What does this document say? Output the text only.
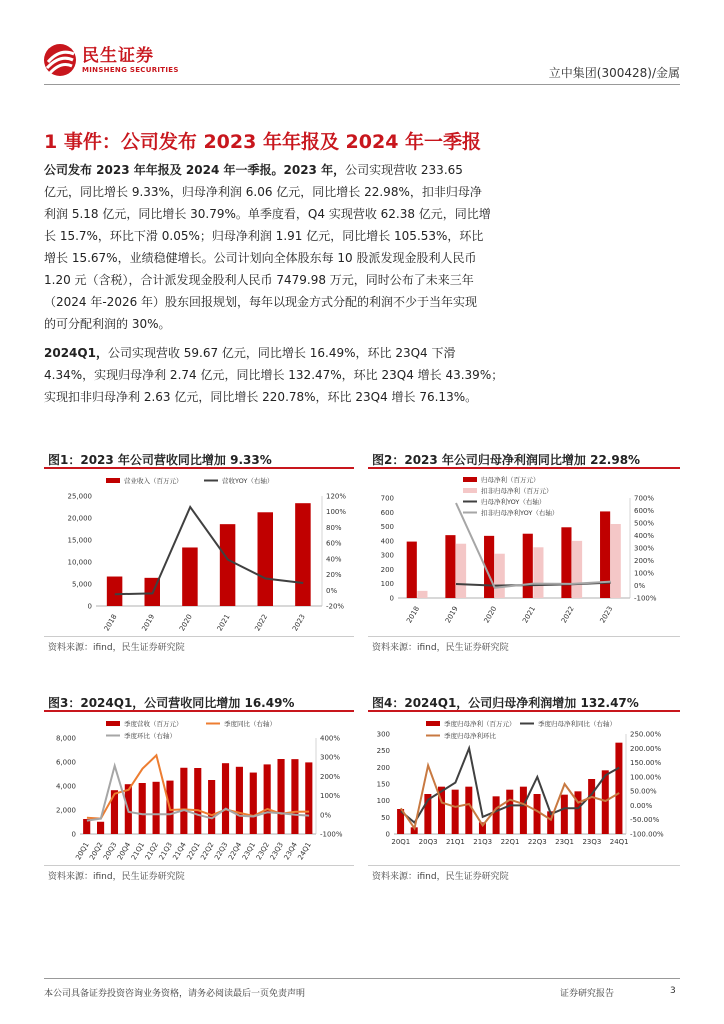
民生证券
MINSHENG SECURITIES	立中集团(300428)/金属
1 事件：公司发布 2023 年年报及 2024 年一季报
公司发布 2023 年年报及 2024 年一季报。2023 年，公司实现营收 233.65
亿元，同比增长 9.33%，归母净利润 6.06 亿元，同比增长 22.98%，扣非归母净
利润 5.18 亿元，同比增长 30.79%。单季度看，Q4 实现营收 62.38 亿元，同比增
长 15.7%，环比下滑 0.05%；归母净利润 1.91 亿元，同比增长 105.53%，环比
增长 15.67%，业绩稳健增长。公司计划向全体股东每 10 股派发现金股利人民币
1.20 元（含税），合计派发现金股利人民币 7479.98 万元，同时公布了未来三年
（2024 年-2026 年）股东回报规划，每年以现金方式分配的利润不少于当年实现
的可分配利润的 30%。
2024Q1，公司实现营收 59.67 亿元，同比增长 16.49%，环比 23Q4 下滑
4.34%，实现归母净利 2.74 亿元，同比增长 132.47%，环比 23Q4 增长 43.39%；
实现扣非归母净利 2.63 亿元，同比增长 220.78%，环比 23Q4 增长 76.13%。
图1：2023 年公司营收同比增加 9.33%	图2：2023 年公司归母净利润同比增加 22.98%
图3：2024Q1，公司营收同比增加 16.49%	图4：2024Q1，公司归母净利润增加 132.47%
0
5,000
10,000
15,000
20,000
25,000
-20%
0%
20%
40%
60%
80%
100%
120%
2018	2019	2020	2021	2022	2023
营业收入（百万元）	营收YOY（右轴）
0
100
200
300
400
500
600
700
-100%
0%
100%
200%
300%
400%
500%
600%
700%
2018	2019	2020	2021	2022	2023
归母净利（百万元）
扣非归母净利（百万元）
归母净利YOY（右轴）
扣非归母净利YOY（右轴）
0
2,000
4,000
6,000
8,000
-100%
0%
100%
200%
300%
400%
20Q1
20Q2
20Q3
20Q4
21Q1
21Q2
21Q3
21Q4
22Q1
22Q2
22Q3
22Q4
23Q1
23Q2
23Q3
23Q4
24Q1
季度营收（百万元）	季度同比（右轴）
季度环比（右轴）
0
50
100
150
200
250
300
-100.00%
-50.00%
0.00%
50.00%
100.00%
150.00%
200.00%
250.00%
20Q1 20Q3 21Q1 21Q3 22Q1 22Q3 23Q1 23Q3 24Q1
季度归母净利（百万元）	季度归母净利同比（右轴）
季度归母净利环比
资料来源：ifind，民生证券研究院	资料来源：ifind，民生证券研究院
资料来源：ifind，民生证券研究院	资料来源：ifind，民生证券研究院
本公司具备证券投资咨询业务资格，请务必阅读最后一页免责声明	证券研究报告	3
